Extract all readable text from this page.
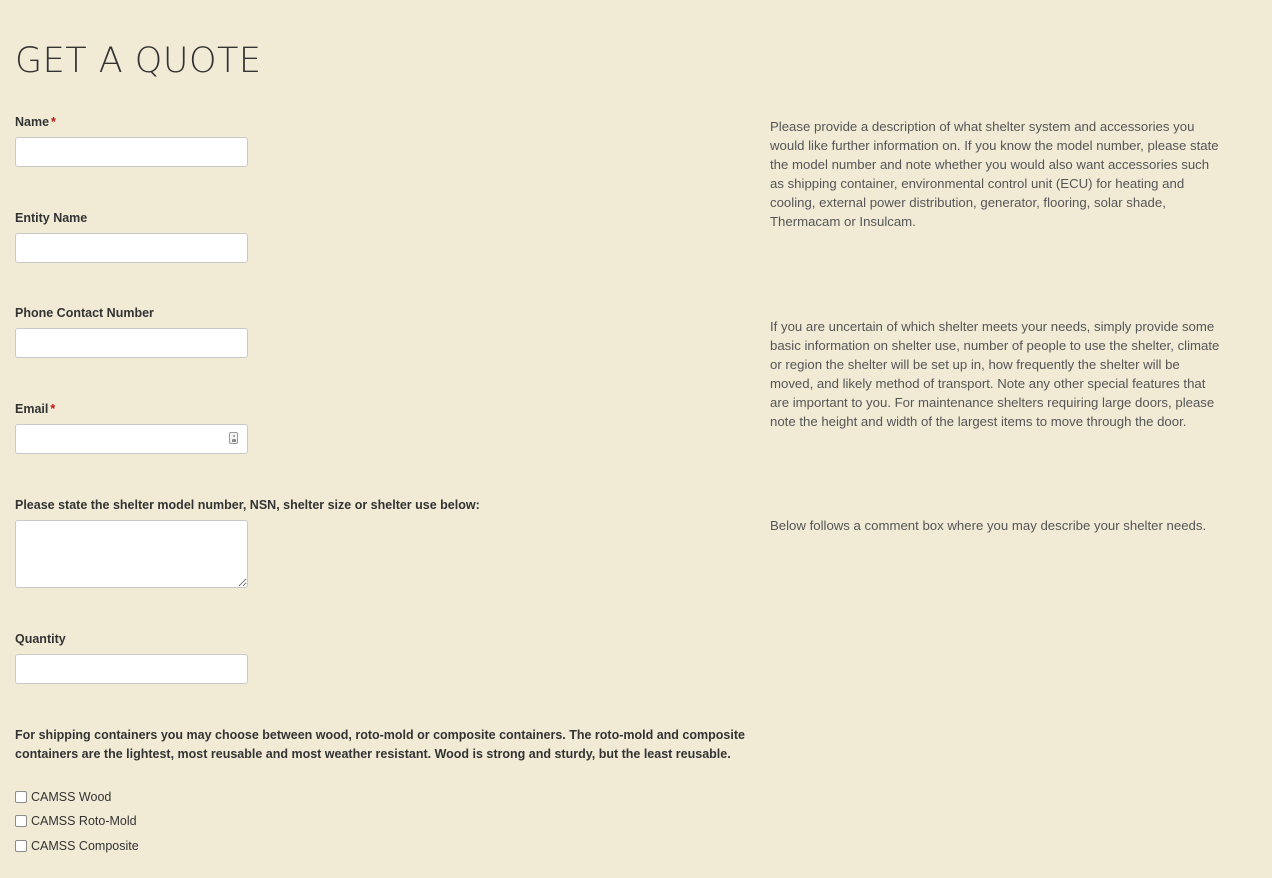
GET A QUOTE
Name *
Entity Name
Phone Contact Number
Email *
Please state the shelter model number, NSN, shelter size or shelter use below:
Quantity

For shipping containers you may choose between wood, roto-mold or composite containers. The roto-mold and composite containers are the lightest, most reusable and most weather resistant. Wood is strong and sturdy, but the least reusable.

CAMSS Wood
CAMSS Roto-Mold
CAMSS Composite

Please provide a description of what shelter system and accessories you would like further information on. If you know the model number, please state the model number and note whether you would also want accessories such as shipping container, environmental control unit (ECU) for heating and cooling, external power distribution, generator, flooring, solar shade, Thermacam or Insulcam.

If you are uncertain of which shelter meets your needs, simply provide some basic information on shelter use, number of people to use the shelter, climate or region the shelter will be set up in, how frequently the shelter will be moved, and likely method of transport. Note any other special features that are important to you. For maintenance shelters requiring large doors, please note the height and width of the largest items to move through the door.

Below follows a comment box where you may describe your shelter needs.
